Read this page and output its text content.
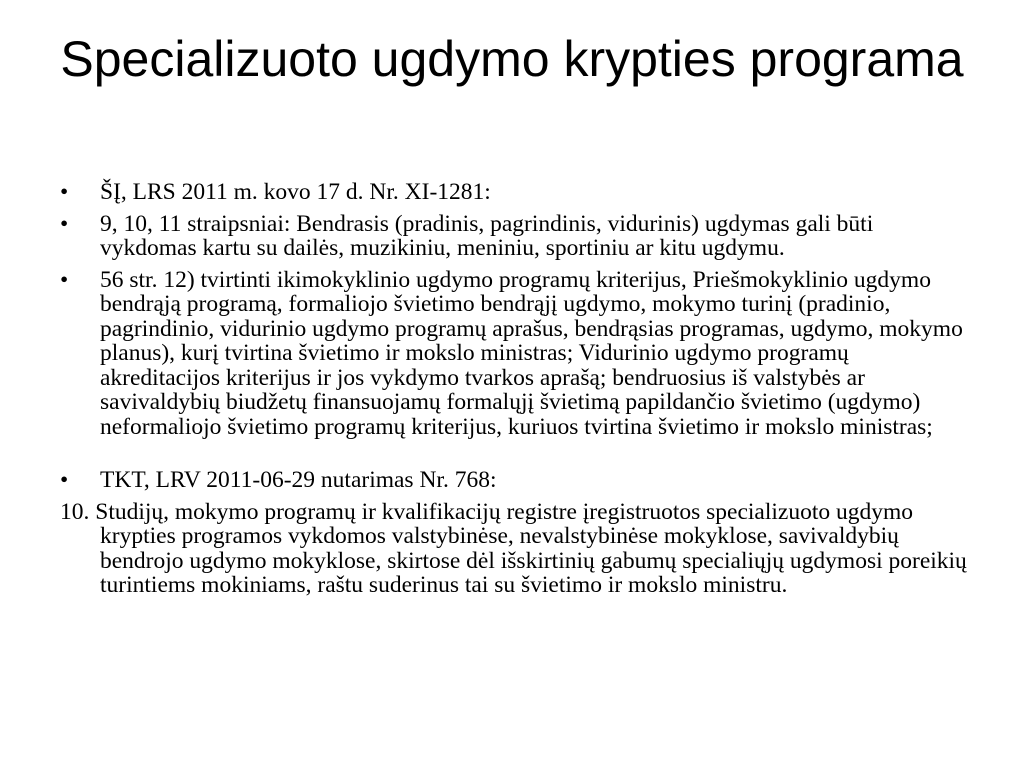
Specializuoto ugdymo krypties programa
•	ŠĮ, LRS 2011 m. kovo 17 d. Nr. XI-1281:
•	9, 10, 11 straipsniai: Bendrasis (pradinis, pagrindinis, vidurinis) ugdymas gali būti vykdomas kartu su dailės, muzikiniu, meniniu, sportiniu ar kitu ugdymu.
•	56 str. 12) tvirtinti ikimokyklinio ugdymo programų kriterijus, Priešmokyklinio ugdymo bendrąją programą, formaliojo švietimo bendrąjį ugdymo, mokymo turinį (pradinio, pagrindinio, vidurinio ugdymo programų aprašus, bendrąsias programas, ugdymo, mokymo planus), kurį tvirtina švietimo ir mokslo ministras; Vidurinio ugdymo programų akreditacijos kriterijus ir jos vykdymo tvarkos aprašą; bendruosius iš valstybės ar savivaldybių biudžetų finansuojamų formalųjį švietimą papildančio švietimo (ugdymo) neformaliojo švietimo programų kriterijus, kuriuos tvirtina švietimo ir mokslo ministras;
•	TKT, LRV 2011-06-29 nutarimas Nr. 768:

10. Studijų, mokymo programų ir kvalifikacijų registre įregistruotos specializuoto ugdymo krypties programos vykdomos valstybinėse, nevalstybinėse mokyklose, savivaldybių bendrojo ugdymo mokyklose, skirtose dėl išskirtinių gabumų specialiųjų ugdymosi poreikių turintiems mokiniams, raštu suderinus tai su švietimo ir mokslo ministru.
